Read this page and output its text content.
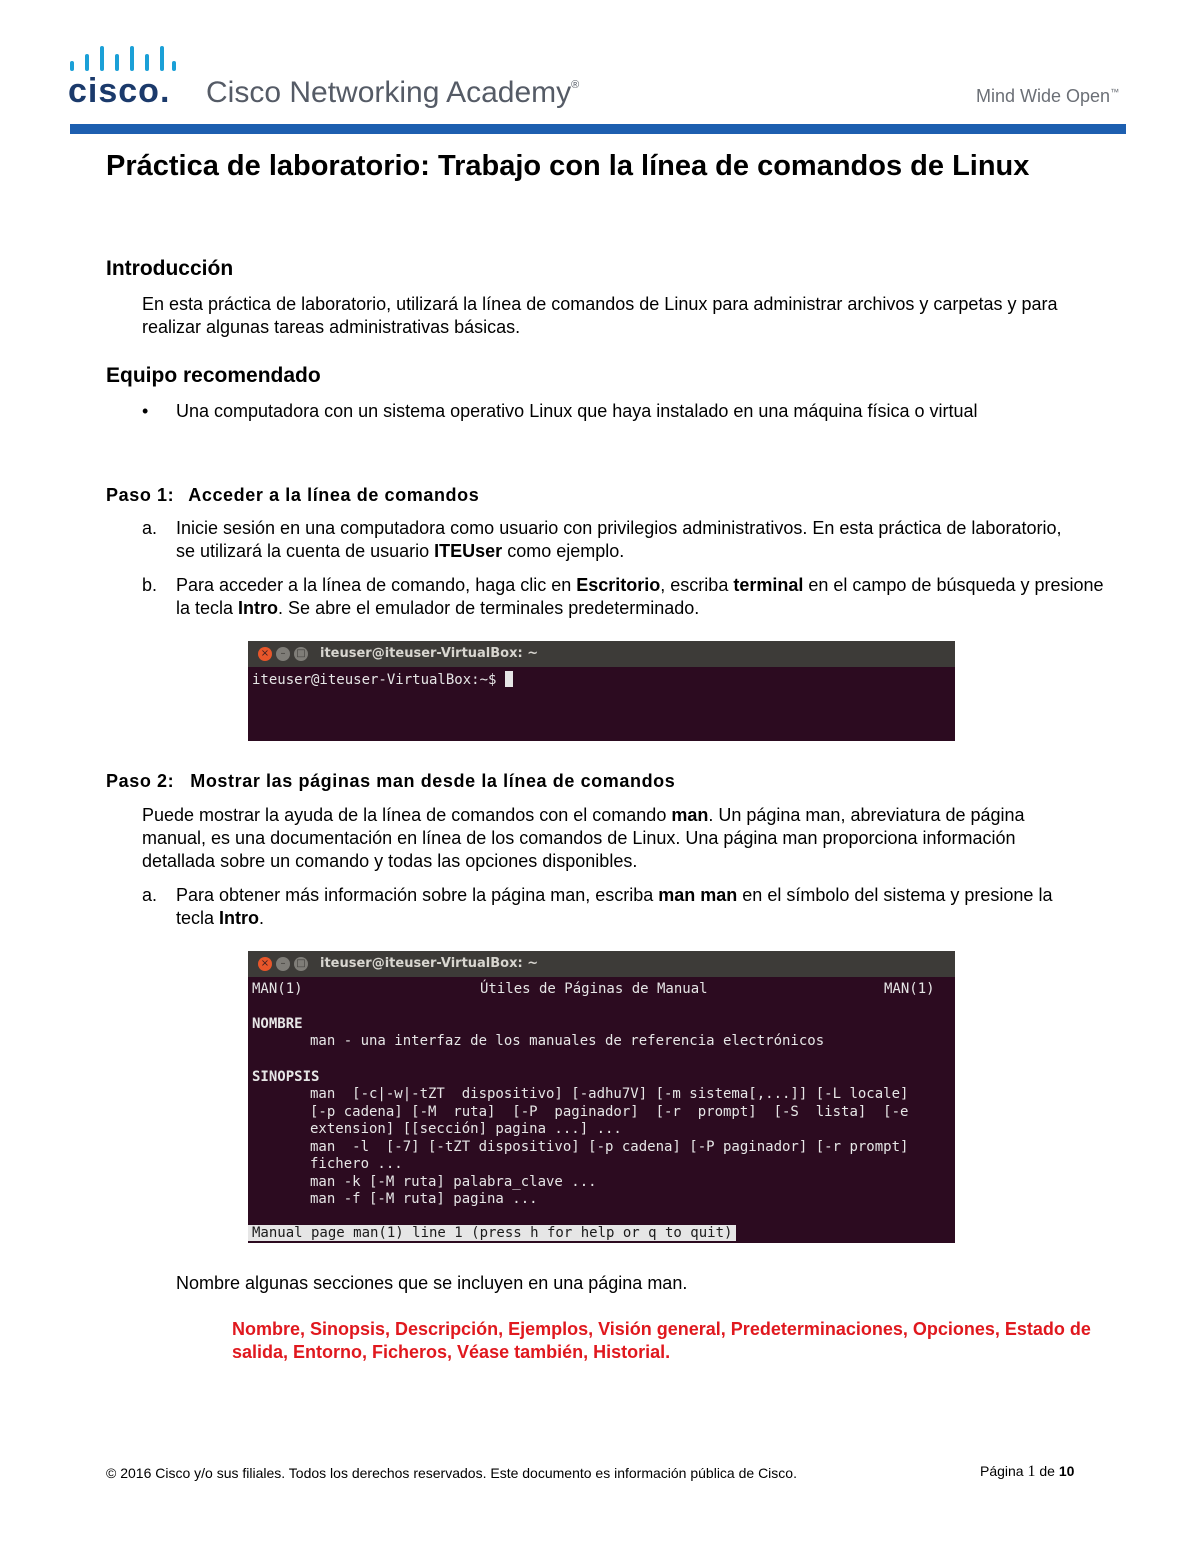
cisco. Cisco Networking Academy®
Mind Wide Open™
Práctica de laboratorio: Trabajo con la línea de comandos de Linux
Introducción
En esta práctica de laboratorio, utilizará la línea de comandos de Linux para administrar archivos y carpetas y para realizar algunas tareas administrativas básicas.
Equipo recomendado
• Una computadora con un sistema operativo Linux que haya instalado en una máquina física o virtual
Paso 1: Acceder a la línea de comandos
a. Inicie sesión en una computadora como usuario con privilegios administrativos. En esta práctica de laboratorio, se utilizará la cuenta de usuario ITEUser como ejemplo.
b. Para acceder a la línea de comando, haga clic en Escritorio, escriba terminal en el campo de búsqueda y presione la tecla Intro. Se abre el emulador de terminales predeterminado.
×	–	□ iteuser@iteuser-VirtualBox: ~
iteuser@iteuser-VirtualBox:~$
Paso 2: Mostrar las páginas man desde la línea de comandos
Puede mostrar la ayuda de la línea de comandos con el comando man. Un página man, abreviatura de página manual, es una documentación en línea de los comandos de Linux. Una página man proporciona información detallada sobre un comando y todas las opciones disponibles.
a. Para obtener más información sobre la página man, escriba man man en el símbolo del sistema y presione la tecla Intro.
×	–	□ iteuser@iteuser-VirtualBox: ~
MAN(1)	Útiles de Páginas de Manual	MAN(1)
NOMBRE
man - una interfaz de los manuales de referencia electrónicos
SINOPSIS
man  [-c|-w|-tZT  dispositivo] [-adhu7V] [-m sistema[,...]] [-L locale]
[-p cadena] [-M  ruta]  [-P  paginador]  [-r  prompt]  [-S  lista]  [-e
extension] [[sección] pagina ...] ...
man  -l  [-7] [-tZT dispositivo] [-p cadena] [-P paginador] [-r prompt]
fichero ...
man -k [-M ruta] palabra_clave ...
man -f [-M ruta] pagina ...
Manual page man(1) line 1 (press h for help or q to quit)
Nombre algunas secciones que se incluyen en una página man.
Nombre, Sinopsis, Descripción, Ejemplos, Visión general, Predeterminaciones, Opciones, Estado de salida, Entorno, Ficheros, Véase también, Historial.
© 2016 Cisco y/o sus filiales. Todos los derechos reservados. Este documento es información pública de Cisco.	Página 1 de 10
